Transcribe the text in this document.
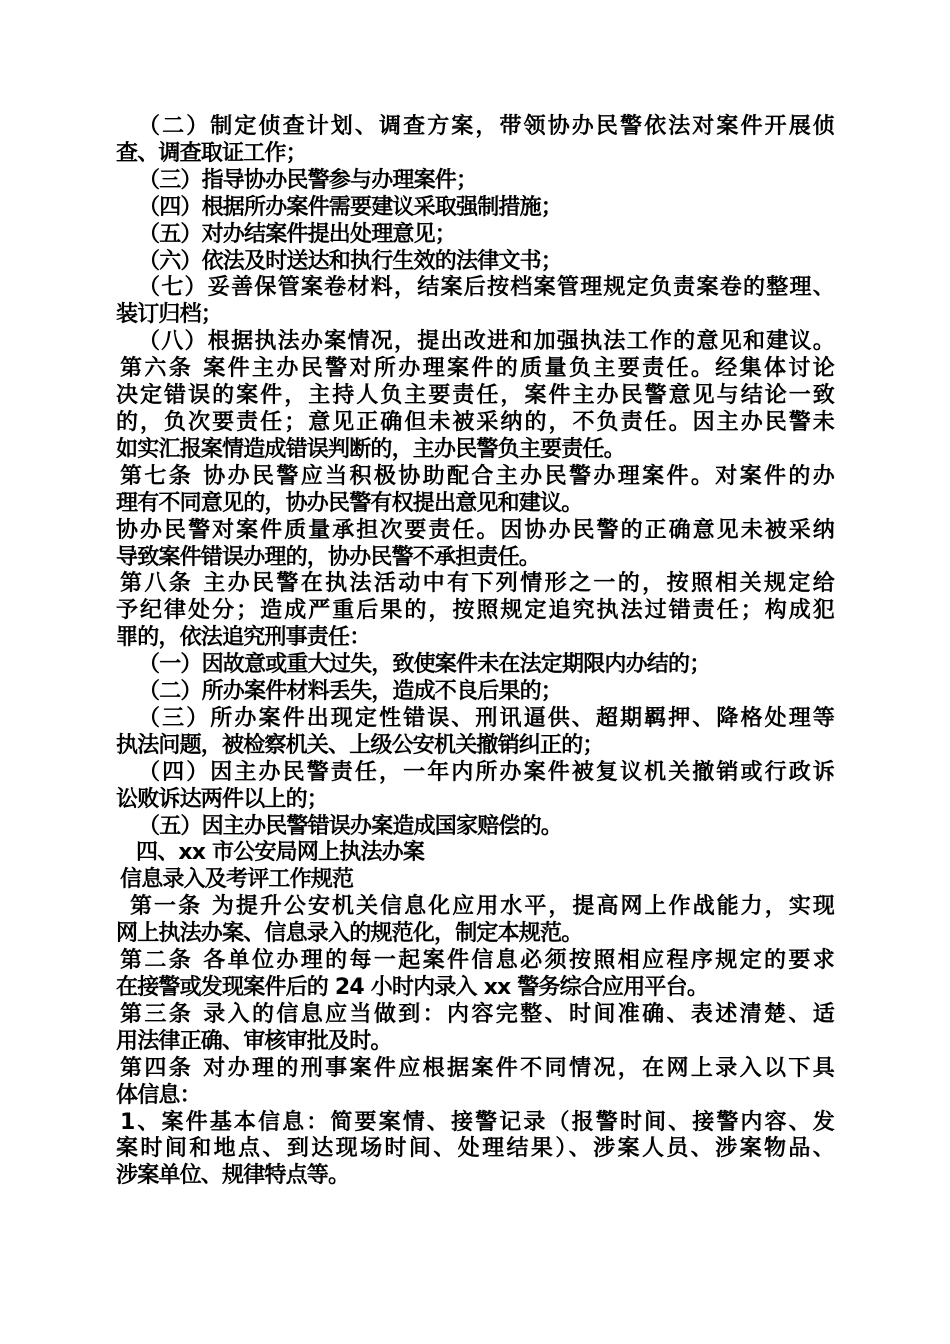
（二）制定侦查计划、调查方案，带领协办民警依法对案件开展侦
查、调查取证工作；
（三）指导协办民警参与办理案件；
（四）根据所办案件需要建议采取强制措施；
（五）对办结案件提出处理意见；
（六）依法及时送达和执行生效的法律文书；
（七）妥善保管案卷材料，结案后按档案管理规定负责案卷的整理、
装订归档；
（八）根据执法办案情况，提出改进和加强执法工作的意见和建议。
第六条 案件主办民警对所办理案件的质量负主要责任。经集体讨论
决定错误的案件，主持人负主要责任，案件主办民警意见与结论一致
的，负次要责任；意见正确但未被采纳的，不负责任。因主办民警未
如实汇报案情造成错误判断的，主办民警负主要责任。
第七条 协办民警应当积极协助配合主办民警办理案件。对案件的办
理有不同意见的，协办民警有权提出意见和建议。
协办民警对案件质量承担次要责任。因协办民警的正确意见未被采纳
导致案件错误办理的，协办民警不承担责任。
第八条 主办民警在执法活动中有下列情形之一的，按照相关规定给
予纪律处分；造成严重后果的，按照规定追究执法过错责任；构成犯
罪的，依法追究刑事责任：
（一）因故意或重大过失，致使案件未在法定期限内办结的；
（二）所办案件材料丢失，造成不良后果的；
（三）所办案件出现定性错误、刑讯逼供、超期羁押、降格处理等
执法问题，被检察机关、上级公安机关撤销纠正的；
（四）因主办民警责任，一年内所办案件被复议机关撤销或行政诉
讼败诉达两件以上的；
（五）因主办民警错误办案造成国家赔偿的。
四、xx 市公安局网上执法办案
信息录入及考评工作规范
第一条 为提升公安机关信息化应用水平，提高网上作战能力，实现
网上执法办案、信息录入的规范化，制定本规范。
第二条 各单位办理的每一起案件信息必须按照相应程序规定的要求
在接警或发现案件后的 24 小时内录入 xx 警务综合应用平台。
第三条 录入的信息应当做到：内容完整、时间准确、表述清楚、适
用法律正确、审核审批及时。
第四条 对办理的刑事案件应根据案件不同情况，在网上录入以下具
体信息：
1、案件基本信息：简要案情、接警记录（报警时间、接警内容、发
案时间和地点、到达现场时间、处理结果）、涉案人员、涉案物品、
涉案单位、规律特点等。
